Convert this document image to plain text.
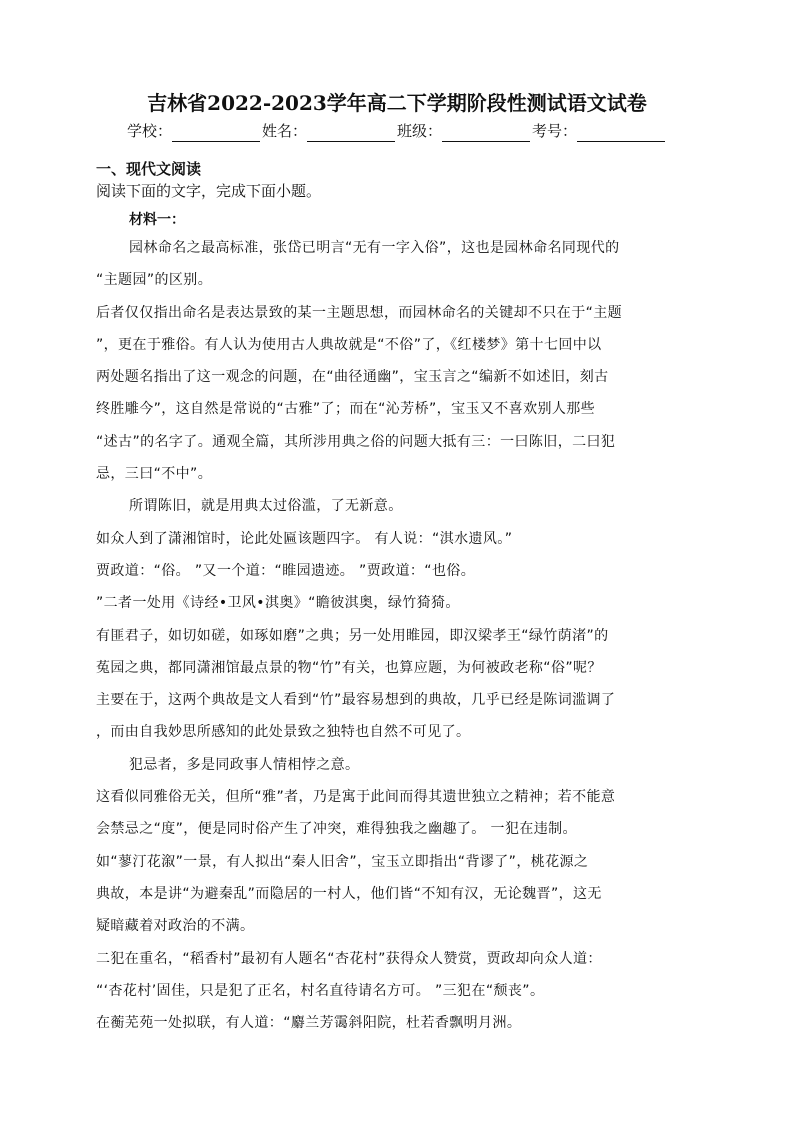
吉林省2022-2023学年高二下学期阶段性测试语文试卷
学校：	姓名：	班级：	考号：
一、现代文阅读
阅读下面的文字，完成下面小题。
材料一：
园林命名之最高标准，张岱已明言“无有一字入俗”，这也是园林命名同现代的
“主题园”的区别。
后者仅仅指出命名是表达景致的某一主题思想，而园林命名的关键却不只在于“主题
”，更在于雅俗。有人认为使用古人典故就是“不俗”了，《红楼梦》第十七回中以
两处题名指出了这一观念的问题，在“曲径通幽”，宝玉言之“编新不如述旧，刻古
终胜雕今”，这自然是常说的“古雅”了；而在“沁芳桥”，宝玉又不喜欢别人那些
“述古”的名字了。通观全篇，其所涉用典之俗的问题大抵有三：一曰陈旧，二曰犯
忌，三曰“不中”。
所谓陈旧，就是用典太过俗滥，了无新意。
如众人到了潇湘馆时，论此处匾该题四字。 有人说：“淇水遗风。”
贾政道：“俗。 ”又一个道：“睢园遗迹。 ”贾政道：“也俗。
”二者一处用《诗经•卫风•淇奥》“瞻彼淇奥，绿竹猗猗。
有匪君子，如切如磋，如琢如磨”之典；另一处用睢园，即汉梁孝王“绿竹荫渚”的
菟园之典，都同潇湘馆最点景的物“竹”有关，也算应题，为何被政老称“俗”呢？
主要在于，这两个典故是文人看到“竹”最容易想到的典故，几乎已经是陈词滥调了
，而由自我妙思所感知的此处景致之独特也自然不可见了。
犯忌者，多是同政事人情相悖之意。
这看似同雅俗无关，但所“雅”者，乃是寓于此间而得其遗世独立之精神；若不能意
会禁忌之“度”，便是同时俗产生了冲突，难得独我之幽趣了。 一犯在违制。
如“蓼汀花溆”一景，有人拟出“秦人旧舍”，宝玉立即指出“背谬了”，桃花源之
典故，本是讲“为避秦乱”而隐居的一村人，他们皆“不知有汉，无论魏晋”，这无
疑暗藏着对政治的不满。
二犯在重名，“稻香村”最初有人题名“杏花村”获得众人赞赏，贾政却向众人道：
“‘杏花村’固佳，只是犯了正名，村名直待请名方可。 ”三犯在“颓丧”。
在蘅芜苑一处拟联，有人道：“麝兰芳霭斜阳院，杜若香飘明月洲。
